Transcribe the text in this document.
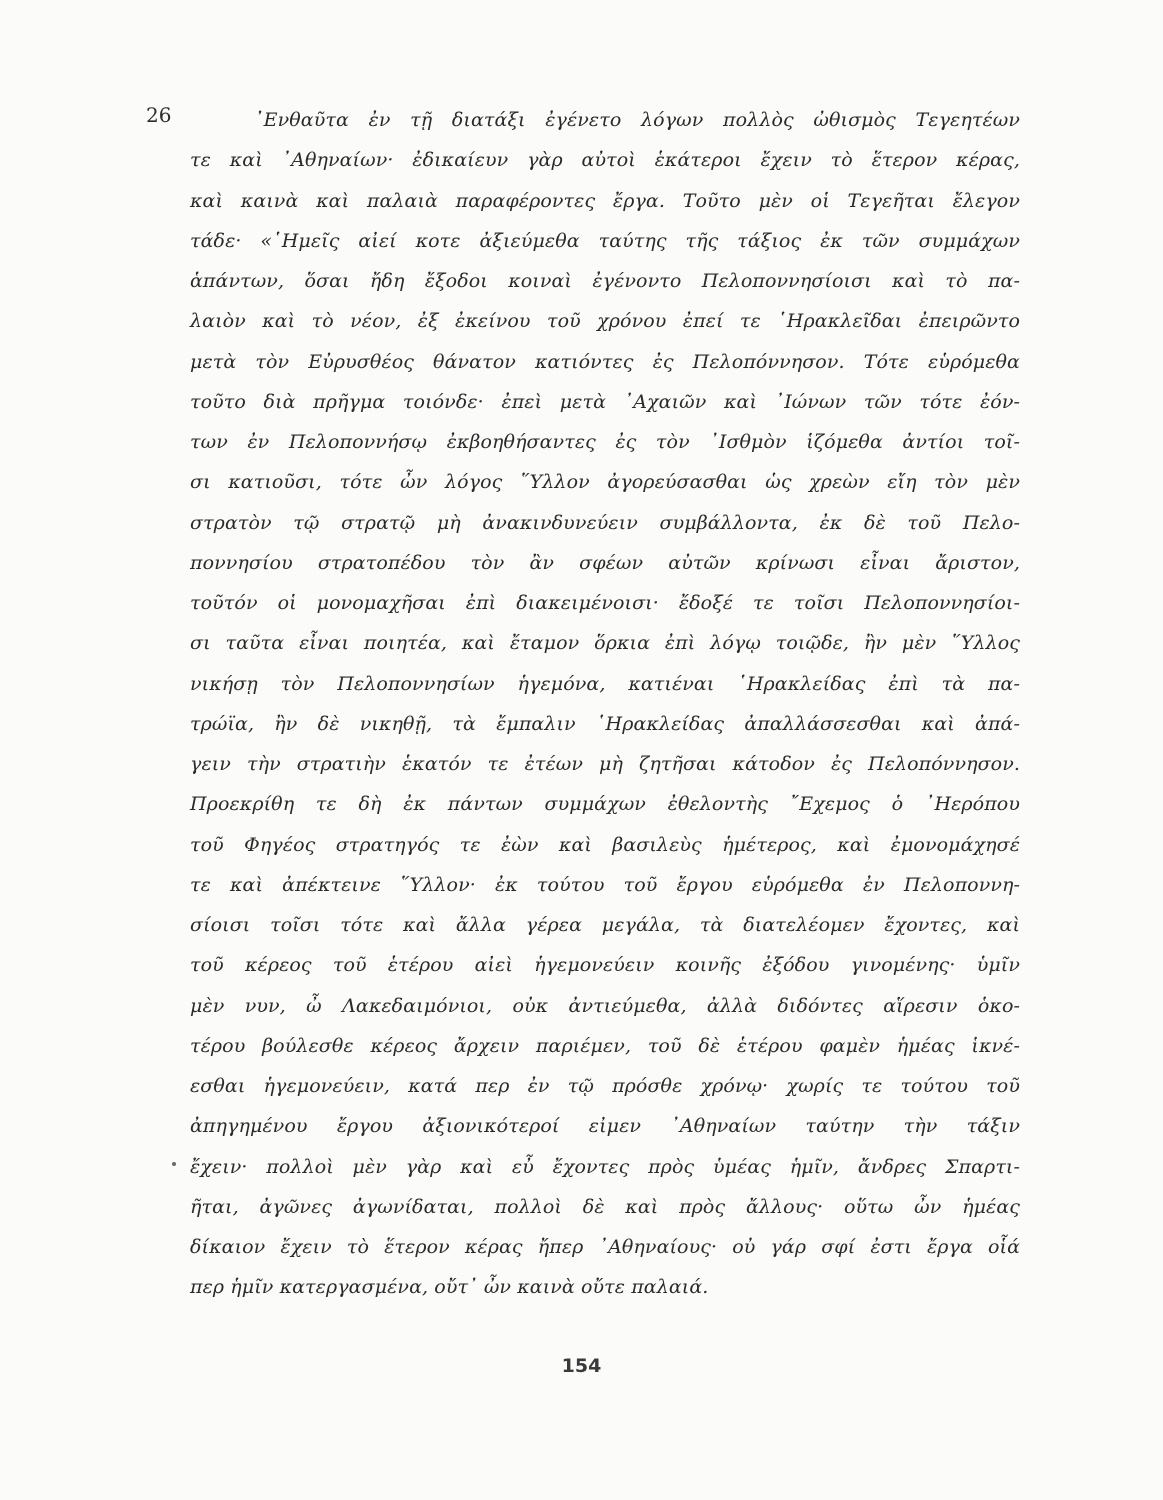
26	᾿Ενθαῦτα ἐν τῇ διατάξι ἐγένετο λόγων πολλὸς ὠθισμὸς Τεγεητέων
τε καὶ ᾿Αθηναίων· ἐδικαίευν γὰρ αὐτοὶ ἑκάτεροι ἔχειν τὸ ἕτερον κέρας,
καὶ καινὰ καὶ παλαιὰ παραφέροντες ἔργα. Τοῦτο μὲν οἱ Τεγεῆται ἔλεγον
τάδε· «῾Ημεῖς αἰεί κοτε ἀξιεύμεθα ταύτης τῆς τάξιος ἐκ τῶν συμμάχων
ἁπάντων, ὅσαι ἤδη ἔξοδοι κοιναὶ ἐγένοντο Πελοποννησίοισι καὶ τὸ πα-
λαιὸν καὶ τὸ νέον, ἐξ ἐκείνου τοῦ χρόνου ἐπεί τε ῾Ηρακλεῖδαι ἐπειρῶντο
μετὰ τὸν Εὐρυσθέος θάνατον κατιόντες ἐς Πελοπόννησον. Τότε εὑρόμεθα
τοῦτο διὰ πρῆγμα τοιόνδε· ἐπεὶ μετὰ ᾿Αχαιῶν καὶ ᾿Ιώνων τῶν τότε ἐόν-
των ἐν Πελοποννήσῳ ἐκβοηθήσαντες ἐς τὸν ᾿Ισθμὸν ἱζόμεθα ἀντίοι τοῖ-
σι κατιοῦσι, τότε ὦν λόγος ῞Υλλον ἀγορεύσασθαι ὡς χρεὼν εἴη τὸν μὲν
στρατὸν τῷ στρατῷ μὴ ἀνακινδυνεύειν συμβάλλοντα, ἐκ δὲ τοῦ Πελο-
ποννησίου στρατοπέδου τὸν ἂν σφέων αὐτῶν κρίνωσι εἶναι ἄριστον,
τοῦτόν οἱ μονομαχῆσαι ἐπὶ διακειμένοισι· ἔδοξέ τε τοῖσι Πελοποννησίοι-
σι ταῦτα εἶναι ποιητέα, καὶ ἔταμον ὅρκια ἐπὶ λόγῳ τοιῷδε, ἢν μὲν ῞Υλλος
νικήσῃ τὸν Πελοποννησίων ἡγεμόνα, κατιέναι ῾Ηρακλείδας ἐπὶ τὰ πα-
τρώϊα, ἢν δὲ νικηθῇ, τὰ ἔμπαλιν ῾Ηρακλείδας ἀπαλλάσσεσθαι καὶ ἀπά-
γειν τὴν στρατιὴν ἑκατόν τε ἐτέων μὴ ζητῆσαι κάτοδον ἐς Πελοπόννησον.
Προεκρίθη τε δὴ ἐκ πάντων συμμάχων ἐθελοντὴς ῎Εχεμος ὁ ᾿Ηερόπου
τοῦ Φηγέος στρατηγός τε ἐὼν καὶ βασιλεὺς ἡμέτερος, καὶ ἐμονομάχησέ
τε καὶ ἀπέκτεινε ῞Υλλον· ἐκ τούτου τοῦ ἔργου εὑρόμεθα ἐν Πελοποννη-
σίοισι τοῖσι τότε καὶ ἄλλα γέρεα μεγάλα, τὰ διατελέομεν ἔχοντες, καὶ
τοῦ κέρεος τοῦ ἑτέρου αἰεὶ ἡγεμονεύειν κοινῆς ἐξόδου γινομένης· ὑμῖν
μὲν νυν, ὦ Λακεδαιμόνιοι, οὐκ ἀντιεύμεθα, ἀλλὰ διδόντες αἵρεσιν ὁκο-
τέρου βούλεσθε κέρεος ἄρχειν παριέμεν, τοῦ δὲ ἑτέρου φαμὲν ἡμέας ἱκνέ-
εσθαι ἡγεμονεύειν, κατά περ ἐν τῷ πρόσθε χρόνῳ· χωρίς τε τούτου τοῦ
ἀπηγημένου ἔργου ἀξιονικότεροί εἰμεν ᾿Αθηναίων ταύτην τὴν τάξιν
ἔχειν· πολλοὶ μὲν γὰρ καὶ εὖ ἔχοντες πρὸς ὑμέας ἡμῖν, ἄνδρες Σπαρτι-
ῆται, ἀγῶνες ἀγωνίδαται, πολλοὶ δὲ καὶ πρὸς ἄλλους· οὕτω ὦν ἡμέας
δίκαιον ἔχειν τὸ ἕτερον κέρας ἤπερ ᾿Αθηναίους· οὐ γάρ σφί ἐστι ἔργα οἷά
περ ἡμῖν κατεργασμένα, οὔτ᾿ ὦν καινὰ οὔτε παλαιά.
154
